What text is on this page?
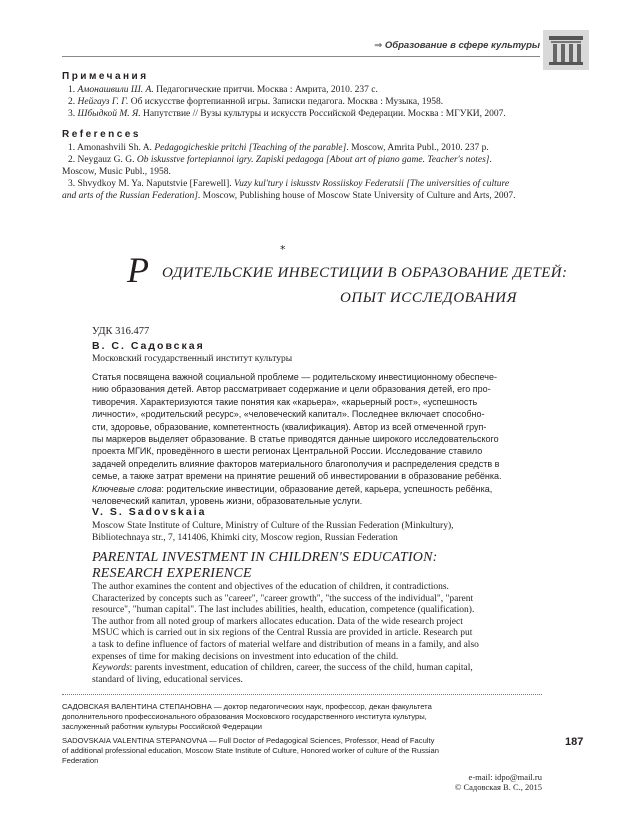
⇒ Образование в сфере культуры
Примечания
1. Амонашвили Ш. А. Педагогические притчи. Москва : Амрита, 2010. 237 с.
2. Нейгауз Г. Г. Об искусстве фортепианной игры. Записки педагога. Москва : Музыка, 1958.
3. Шбыдкой М. Я. Напутствие // Вузы культуры и искусств Российской Федерации. Москва : МГУКИ, 2007.
References
1. Amonashvili Sh. A. Pedagogicheskie pritchi [Teaching of the parable]. Moscow, Amrita Publ., 2010. 237 p.
2. Neygauz G. G. Ob iskusstve fortepiannoi igry. Zapiski pedagoga [About art of piano game. Teacher's notes].
Moscow, Music Publ., 1958.
3. Shvydkoy M. Ya. Naputstvie [Farewell]. Vuzy kul'tury i iskusstv Rossiiskoy Federatsii [The universities of culture
and arts of the Russian Federation]. Moscow, Publishing house of Moscow State University of Culture and Arts, 2007.
*
Р ОДИТЕЛЬСКИЕ ИНВЕСТИЦИИ В ОБРАЗОВАНИЕ ДЕТЕЙ:
ОПЫТ ИССЛЕДОВАНИЯ
УДК 316.477
В. С. Садовская
Московский государственный институт культуры
Статья посвящена важной социальной проблеме — родительскому инвестиционному обеспече-
нию образования детей. Автор рассматривает содержание и цели образования детей, его про-
тиворечия. Характеризуются такие понятия как «карьера», «карьерный рост», «успешность
личности», «родительский ресурс», «человеческий капитал». Последнее включает способно-
сти, здоровье, образование, компетентность (квалификация). Автор из всей отмеченной груп-
пы маркеров выделяет образование. В статье приводятся данные широкого исследовательского
проекта МГИК, проведённого в шести регионах Центральной России. Исследование ставило
задачей определить влияние факторов материального благополучия и распределения средств в
семье, а также затрат времени на принятие решений об инвестировании в образование ребёнка.
Ключевые слова: родительские инвестиции, образование детей, карьера, успешность ребёнка,
человеческий капитал, уровень жизни, образовательные услуги.
V. S. Sadovskaia
Moscow State Institute of Culture, Ministry of Culture of the Russian Federation (Minkultury),
Bibliotechnaya str., 7, 141406, Khimki city, Moscow region, Russian Federation
PARENTAL INVESTMENT IN CHILDREN'S EDUCATION:
RESEARCH EXPERIENCE
The author examines the content and objectives of the education of children, it contradictions.
Characterized by concepts such as "career", "career growth", "the success of the individual", "parent
resource", "human capital". The last includes abilities, health, education, competence (qualification).
The author from all noted group of markers allocates education. Data of the wide research project
MSUC which is carried out in six regions of the Central Russia are provided in article. Research put
a task to define influence of factors of material welfare and distribution of means in a family, and also
expenses of time for making decisions on investment into education of the child.
Keywords: parents investment, education of children, career, the success of the child, human capital,
standard of living, educational services.
САДОВСКАЯ ВАЛЕНТИНА СТЕПАНОВНА — доктор педагогических наук, профессор, декан факультета
дополнительного профессионального образования Московского государственного института культуры,
заслуженный работник культуры Российской Федерации
SADOVSKAIA VALENTINA STEPANOVNA — Full Doctor of Pedagogical Sciences, Professor, Head of Faculty
of additional professional education, Moscow State Institute of Culture, Honored worker of culture of the Russian
Federation
187
e-mail: idpo@mail.ru
© Садовская В. С., 2015
